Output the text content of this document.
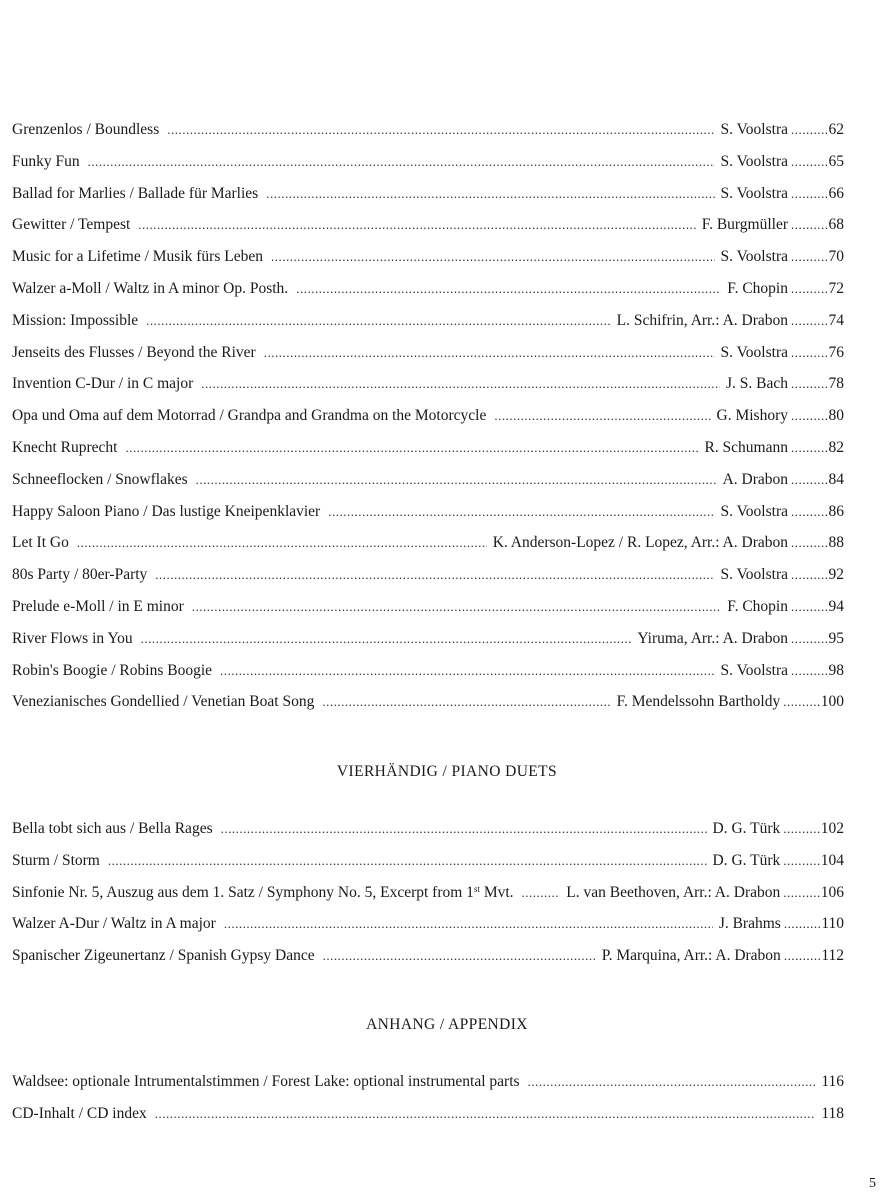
Grenzenlos / Boundless .....	S. Voolstra .....	62
Funky Fun .....	S. Voolstra .....	65
Ballad for Marlies / Ballade für Marlies .....	S. Voolstra .....	66
Gewitter / Tempest .....	F. Burgmüller .....	68
Music for a Lifetime / Musik fürs Leben .....	S. Voolstra .....	70
Walzer a-Moll / Waltz in A minor Op. Posth. .....	F. Chopin .....	72
Mission: Impossible .....	L. Schifrin, Arr.: A. Drabon .....	74
Jenseits des Flusses / Beyond the River .....	S. Voolstra .....	76
Invention C-Dur / in C major .....	J. S. Bach .....	78
Opa und Oma auf dem Motorrad / Grandpa and Grandma on the Motorcycle .....	G. Mishory .....	80
Knecht Ruprecht .....	R. Schumann .....	82
Schneeflocken / Snowflakes .....	A. Drabon .....	84
Happy Saloon Piano / Das lustige Kneipenklavier .....	S. Voolstra .....	86
Let It Go .....	K. Anderson-Lopez / R. Lopez, Arr.: A. Drabon .....	88
80s Party / 80er-Party .....	S. Voolstra .....	92
Prelude e-Moll / in E minor .....	F. Chopin .....	94
River Flows in You .....	Yiruma, Arr.: A. Drabon .....	95
Robin's Boogie / Robins Boogie .....	S. Voolstra .....	98
Venezianisches Gondellied / Venetian Boat Song .....	F. Mendelssohn Bartholdy .....	100
VIERHÄNDIG / PIANO DUETS
Bella tobt sich aus / Bella Rages .....	D. G. Türk .....	102
Sturm / Storm .....	D. G. Türk .....	104
Sinfonie Nr. 5, Auszug aus dem 1. Satz / Symphony No. 5, Excerpt from 1st Mvt. .....	L. van Beethoven, Arr.: A. Drabon .....	106
Walzer A-Dur / Waltz in A major .....	J. Brahms .....	110
Spanischer Zigeunertanz / Spanish Gypsy Dance .....	P. Marquina, Arr.: A. Drabon .....	112
ANHANG / APPENDIX
Waldsee: optionale Intrumentalstimmen / Forest Lake: optional instrumental parts .....	116
CD-Inhalt / CD index .....	118
5
